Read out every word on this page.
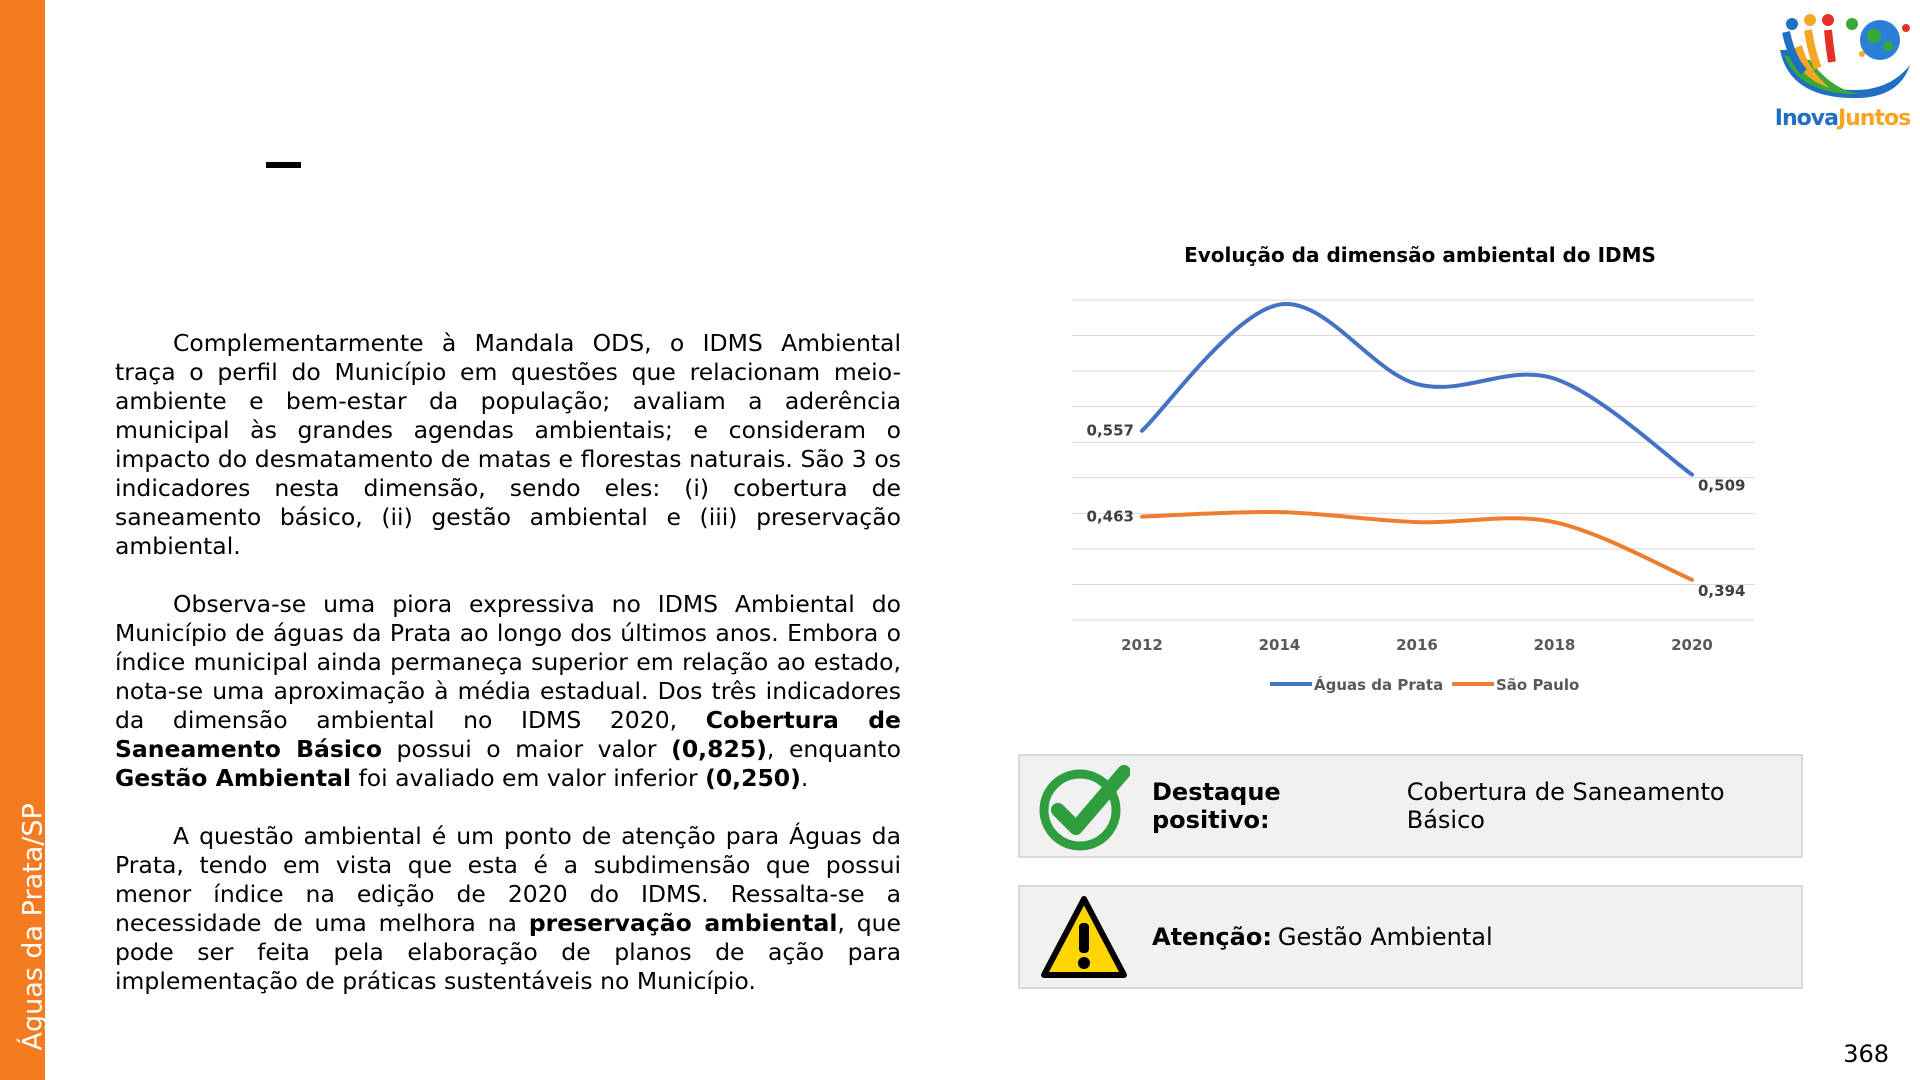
Águas da Prata/SP
InovaJuntos

Complementarmente à Mandala ODS, o IDMS Ambiental traça o perfil do Município em questões que relacionam meio-ambiente e bem-estar da população; avaliam a aderência municipal às grandes agendas ambientais; e consideram o impacto do desmatamento de matas e florestas naturais. São 3 os indicadores nesta dimensão, sendo eles: (i) cobertura de saneamento básico, (ii) gestão ambiental e (iii) preservação ambiental.

Observa-se uma piora expressiva no IDMS Ambiental do Município de águas da Prata ao longo dos últimos anos. Embora o índice municipal ainda permaneça superior em relação ao estado, nota-se uma aproximação à média estadual. Dos três indicadores da dimensão ambiental no IDMS 2020, Cobertura de Saneamento Básico possui o maior valor (0,825), enquanto Gestão Ambiental foi avaliado em valor inferior (0,250).

A questão ambiental é um ponto de atenção para Águas da Prata, tendo em vista que esta é a subdimensão que possui menor índice na edição de 2020 do IDMS. Ressalta-se a necessidade de uma melhora na preservação ambiental, que pode ser feita pela elaboração de planos de ação para implementação de práticas sustentáveis no Município.

Evolução da dimensão ambiental do IDMS
2012	2014	2016	2018	2020
0,557
0,509
0,463
0,394
Águas da Prata	São Paulo
Destaque positivo:
Cobertura de Saneamento Básico
Atenção: Gestão Ambiental
368
